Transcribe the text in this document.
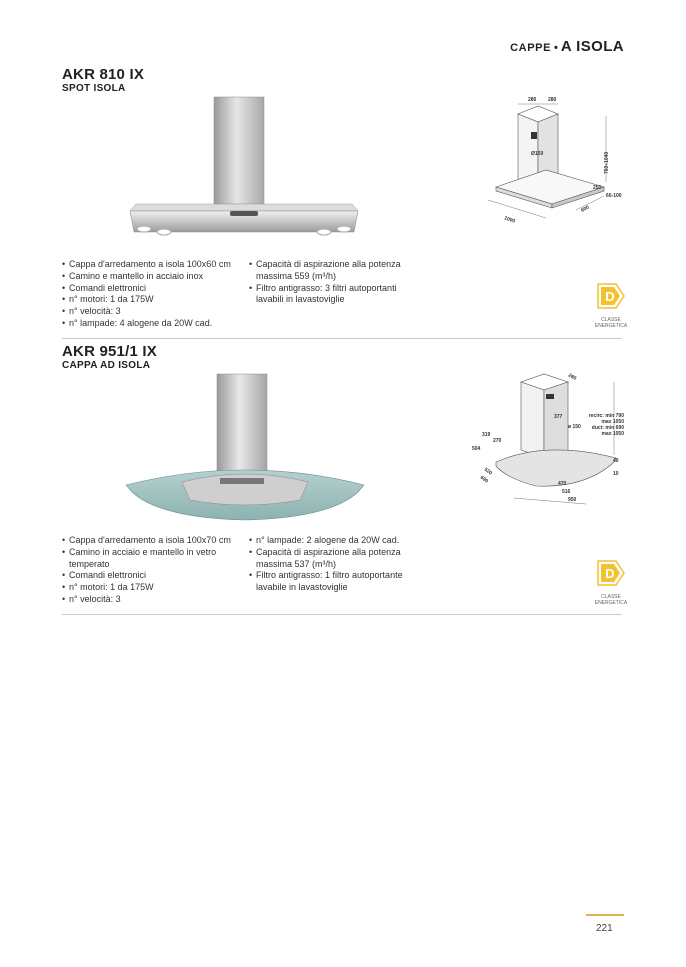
CAPPE • A ISOLA
AKR 810 IX
SPOT ISOLA
280 280
Ø150	760÷1040
250
60-100
1000
600
• Cappa d'arredamento a isola 100x60 cm
• Camino e mantello in acciaio inox
• Comandi elettronici
• n° motori: 1 da 175W
• n° velocità: 3
• n° lampade: 4 alogene da 20W cad.
• Capacità di aspirazione alla potenza massima 559 (m³/h)
• Filtro antigrasso: 3 filtri autoportanti lavabili in lavastoviglie	D
CLASSE ENERGETICA
AKR 951/1 IX
CAPPA AD ISOLA
280
377
ø 150
319
270
504
520
690	470
516
950
40
10
recirc: min 790
max 1050
duct: min 690
max 1050
• Cappa d'arredamento a isola 100x70 cm
• Camino in acciaio e mantello in vetro temperato
• Comandi elettronici
• n° motori: 1 da 175W
• n° velocità: 3
• n° lampade: 2 alogene da 20W cad.
• Capacità di aspirazione alla potenza massima 537 (m³/h)
• Filtro antigrasso: 1 filtro autoportante lavabile in lavastoviglie
D
CLASSE ENERGETICA
221
